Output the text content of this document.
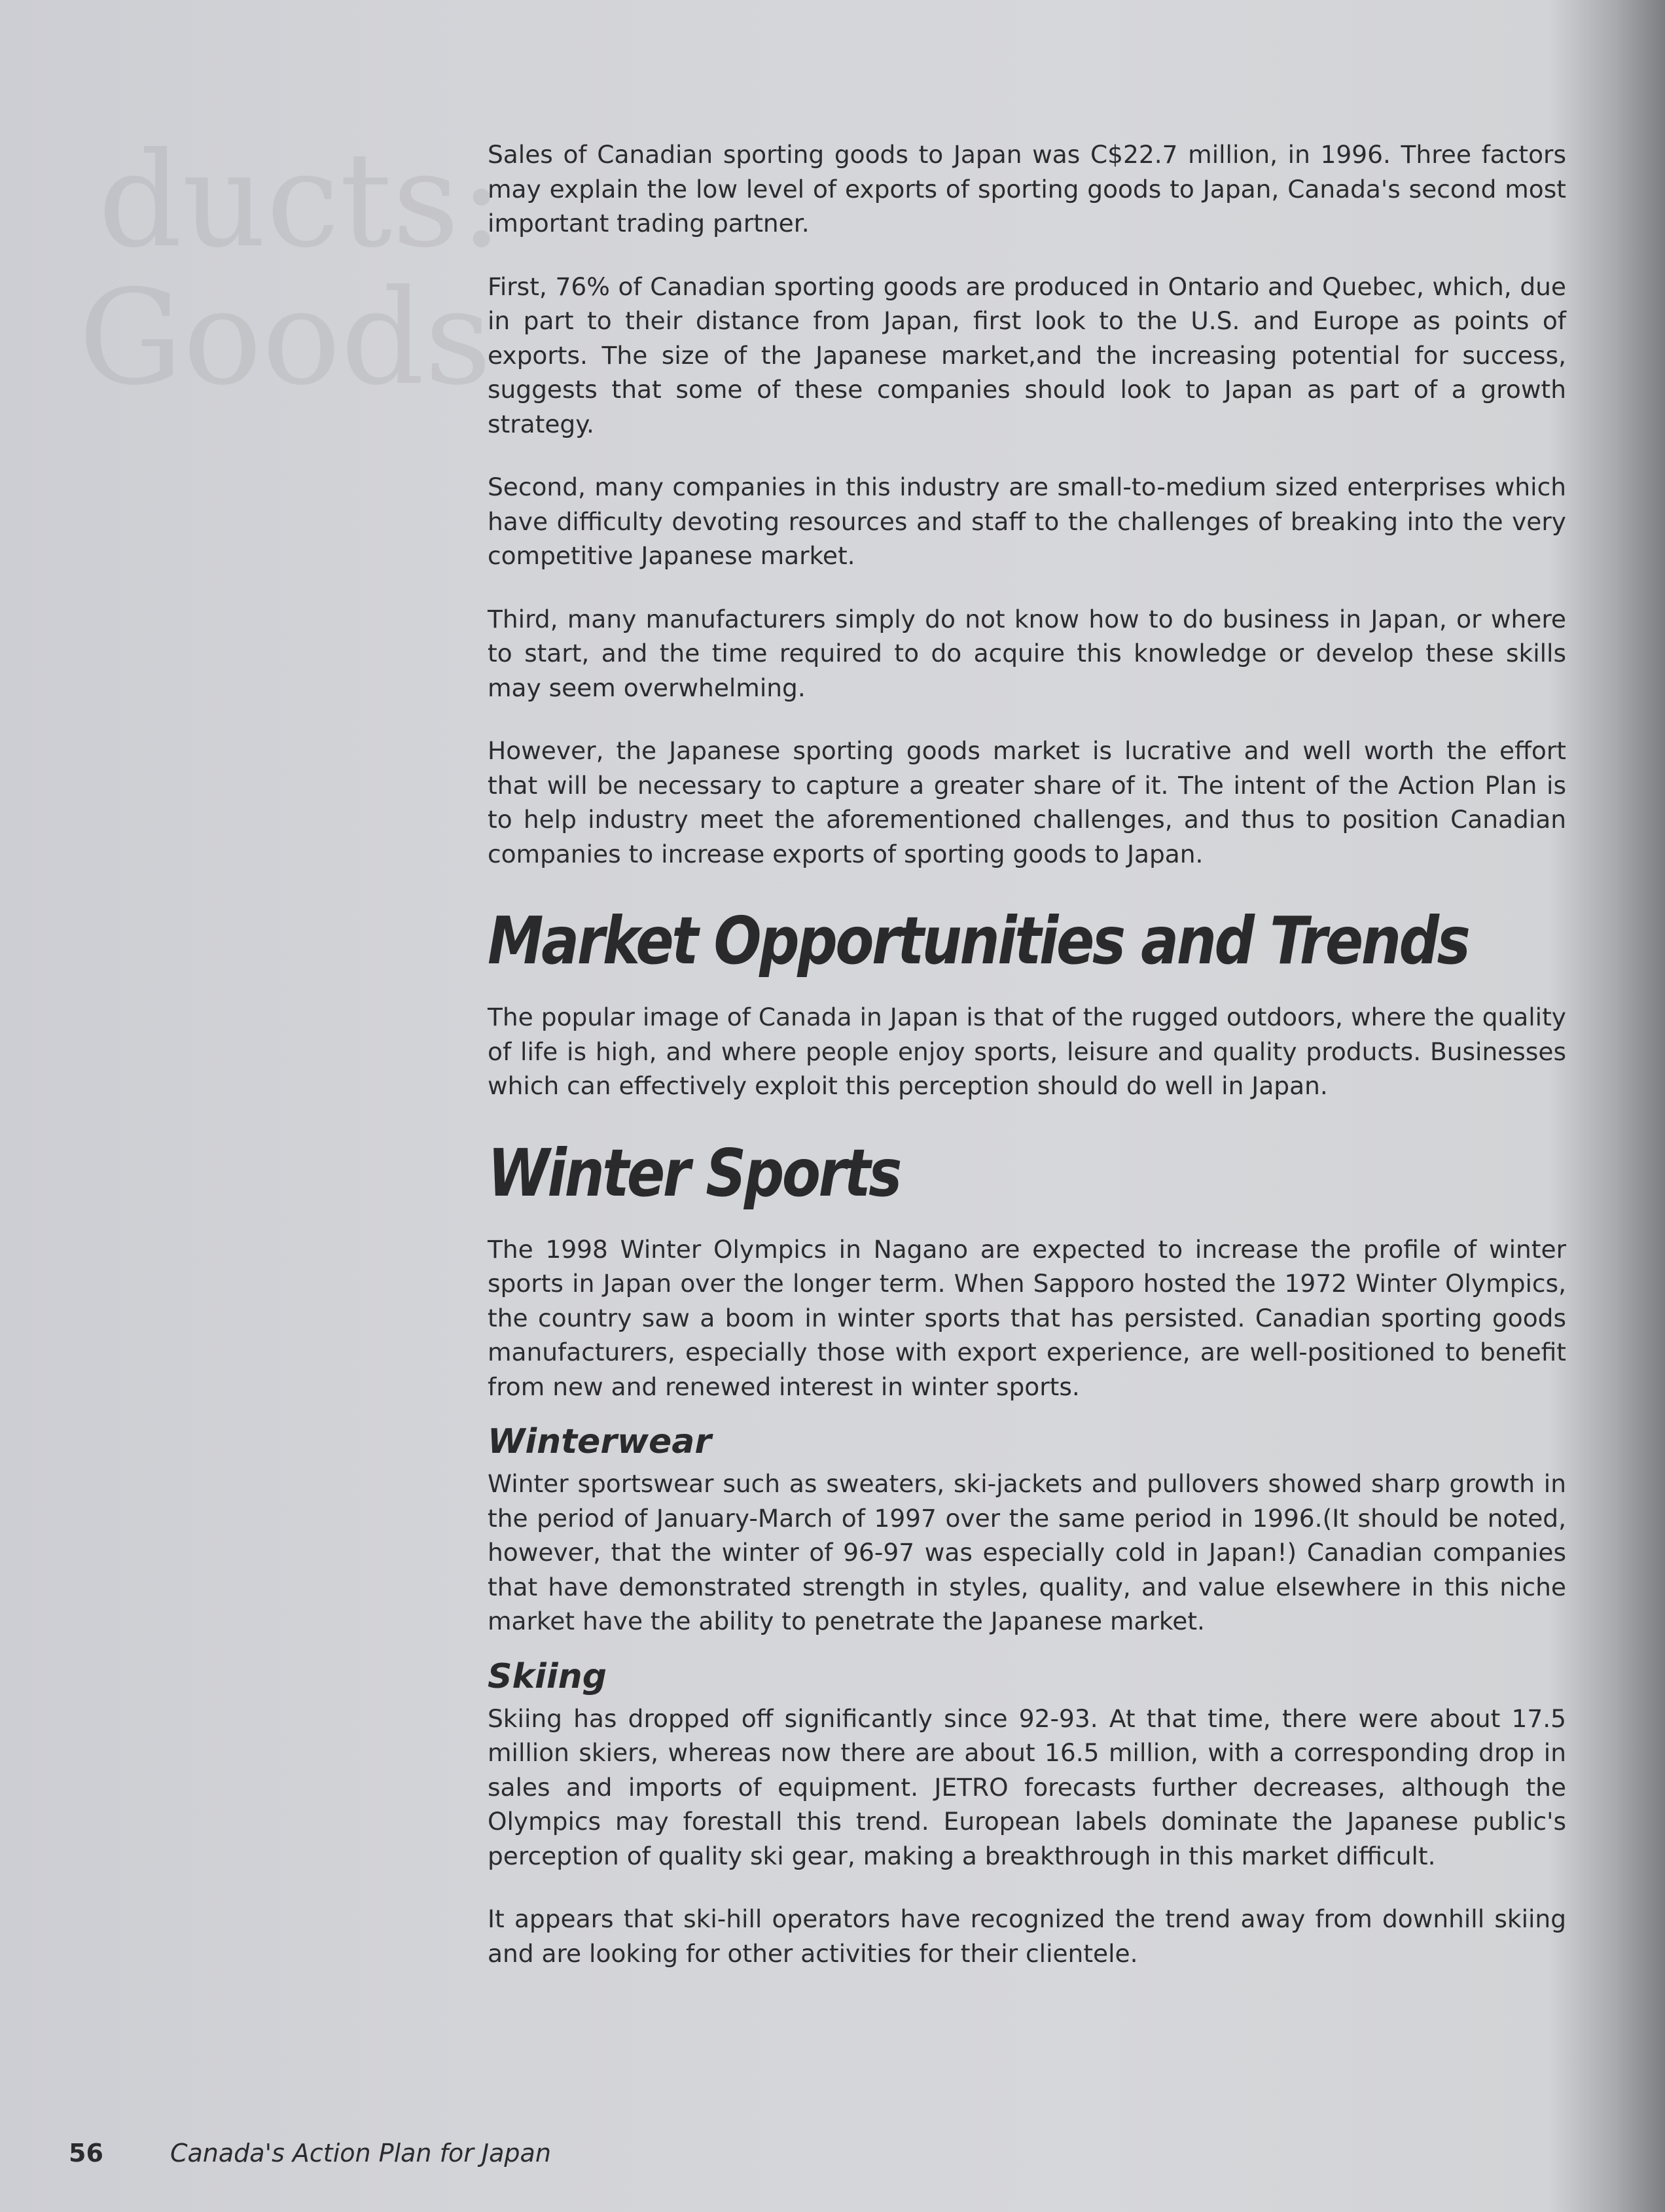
ducts:
Goods

Sales of Canadian sporting goods to Japan was C$22.7 million, in 1996. Three factors may explain the low level of exports of sporting goods to Japan, Canada's second most important trading partner.

First, 76% of Canadian sporting goods are produced in Ontario and Quebec, which, due in part to their distance from Japan, first look to the U.S. and Europe as points of exports. The size of the Japanese market,and the increasing potential for success, suggests that some of these companies should look to Japan as part of a growth strategy.

Second, many companies in this industry are small-to-medium sized enterprises which have difficulty devoting resources and staff to the challenges of breaking into the very competitive Japanese market.

Third, many manufacturers simply do not know how to do business in Japan, or where to start, and the time required to do acquire this knowledge or develop these skills may seem overwhelming.

However, the Japanese sporting goods market is lucrative and well worth the effort that will be necessary to capture a greater share of it. The intent of the Action Plan is to help industry meet the aforementioned challenges, and thus to position Canadian companies to increase exports of sporting goods to Japan.

Market Opportunities and Trends

The popular image of Canada in Japan is that of the rugged outdoors, where the quality of life is high, and where people enjoy sports, leisure and quality products. Businesses which can effectively exploit this perception should do well in Japan.

Winter Sports

The 1998 Winter Olympics in Nagano are expected to increase the profile of winter sports in Japan over the longer term. When Sapporo hosted the 1972 Winter Olympics, the country saw a boom in winter sports that has persisted. Canadian sporting goods manufacturers, especially those with export experience, are well-positioned to benefit from new and renewed interest in winter sports.

Winterwear

Winter sportswear such as sweaters, ski-jackets and pullovers showed sharp growth in the period of January-March of 1997 over the same period in 1996.(It should be noted, however, that the winter of 96-97 was especially cold in Japan!) Canadian companies that have demonstrated strength in styles, quality, and value elsewhere in this niche market have the ability to penetrate the Japanese market.

Skiing

Skiing has dropped off significantly since 92-93. At that time, there were about 17.5 million skiers, whereas now there are about 16.5 million, with a corresponding drop in sales and imports of equipment. JETRO forecasts further decreases, although the Olympics may forestall this trend. European labels dominate the Japanese public's perception of quality ski gear, making a breakthrough in this market difficult.

It appears that ski-hill operators have recognized the trend away from downhill skiing and are looking for other activities for their clientele.

56	Canada's Action Plan for Japan
